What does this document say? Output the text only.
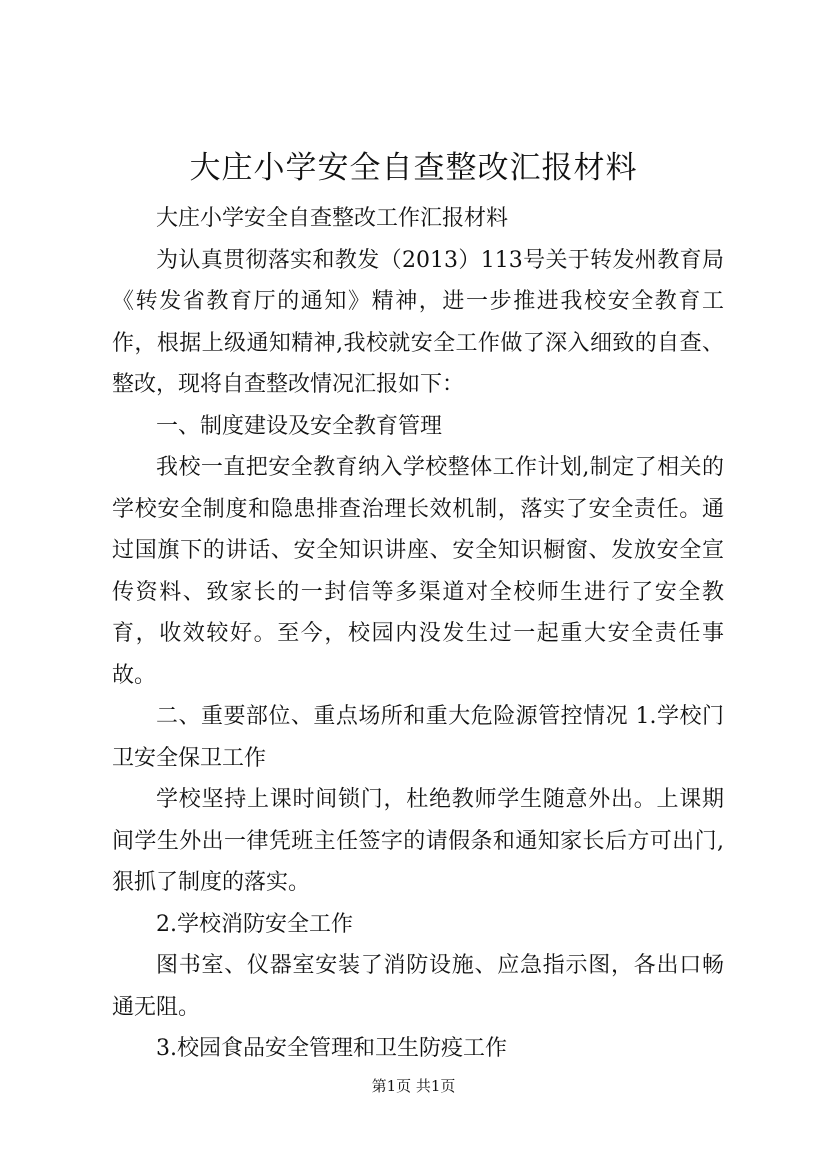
大庄小学安全自查整改汇报材料

大庄小学安全自查整改工作汇报材料

为认真贯彻落实和教发（2013）113号关于转发州教育局《转发省教育厅的通知》精神，进一步推进我校安全教育工作，根据上级通知精神,我校就安全工作做了深入细致的自查、整改，现将自查整改情况汇报如下：

一、制度建设及安全教育管理

我校一直把安全教育纳入学校整体工作计划,制定了相关的学校安全制度和隐患排查治理长效机制，落实了安全责任。通过国旗下的讲话、安全知识讲座、安全知识橱窗、发放安全宣传资料、致家长的一封信等多渠道对全校师生进行了安全教育，收效较好。至今，校园内没发生过一起重大安全责任事故。

二、重要部位、重点场所和重大危险源管控情况 1.学校门卫安全保卫工作

学校坚持上课时间锁门，杜绝教师学生随意外出。上课期间学生外出一律凭班主任签字的请假条和通知家长后方可出门,狠抓了制度的落实。

2.学校消防安全工作

图书室、仪器室安装了消防设施、应急指示图，各出口畅通无阻。

3.校园食品安全管理和卫生防疫工作

第1页 共1页
